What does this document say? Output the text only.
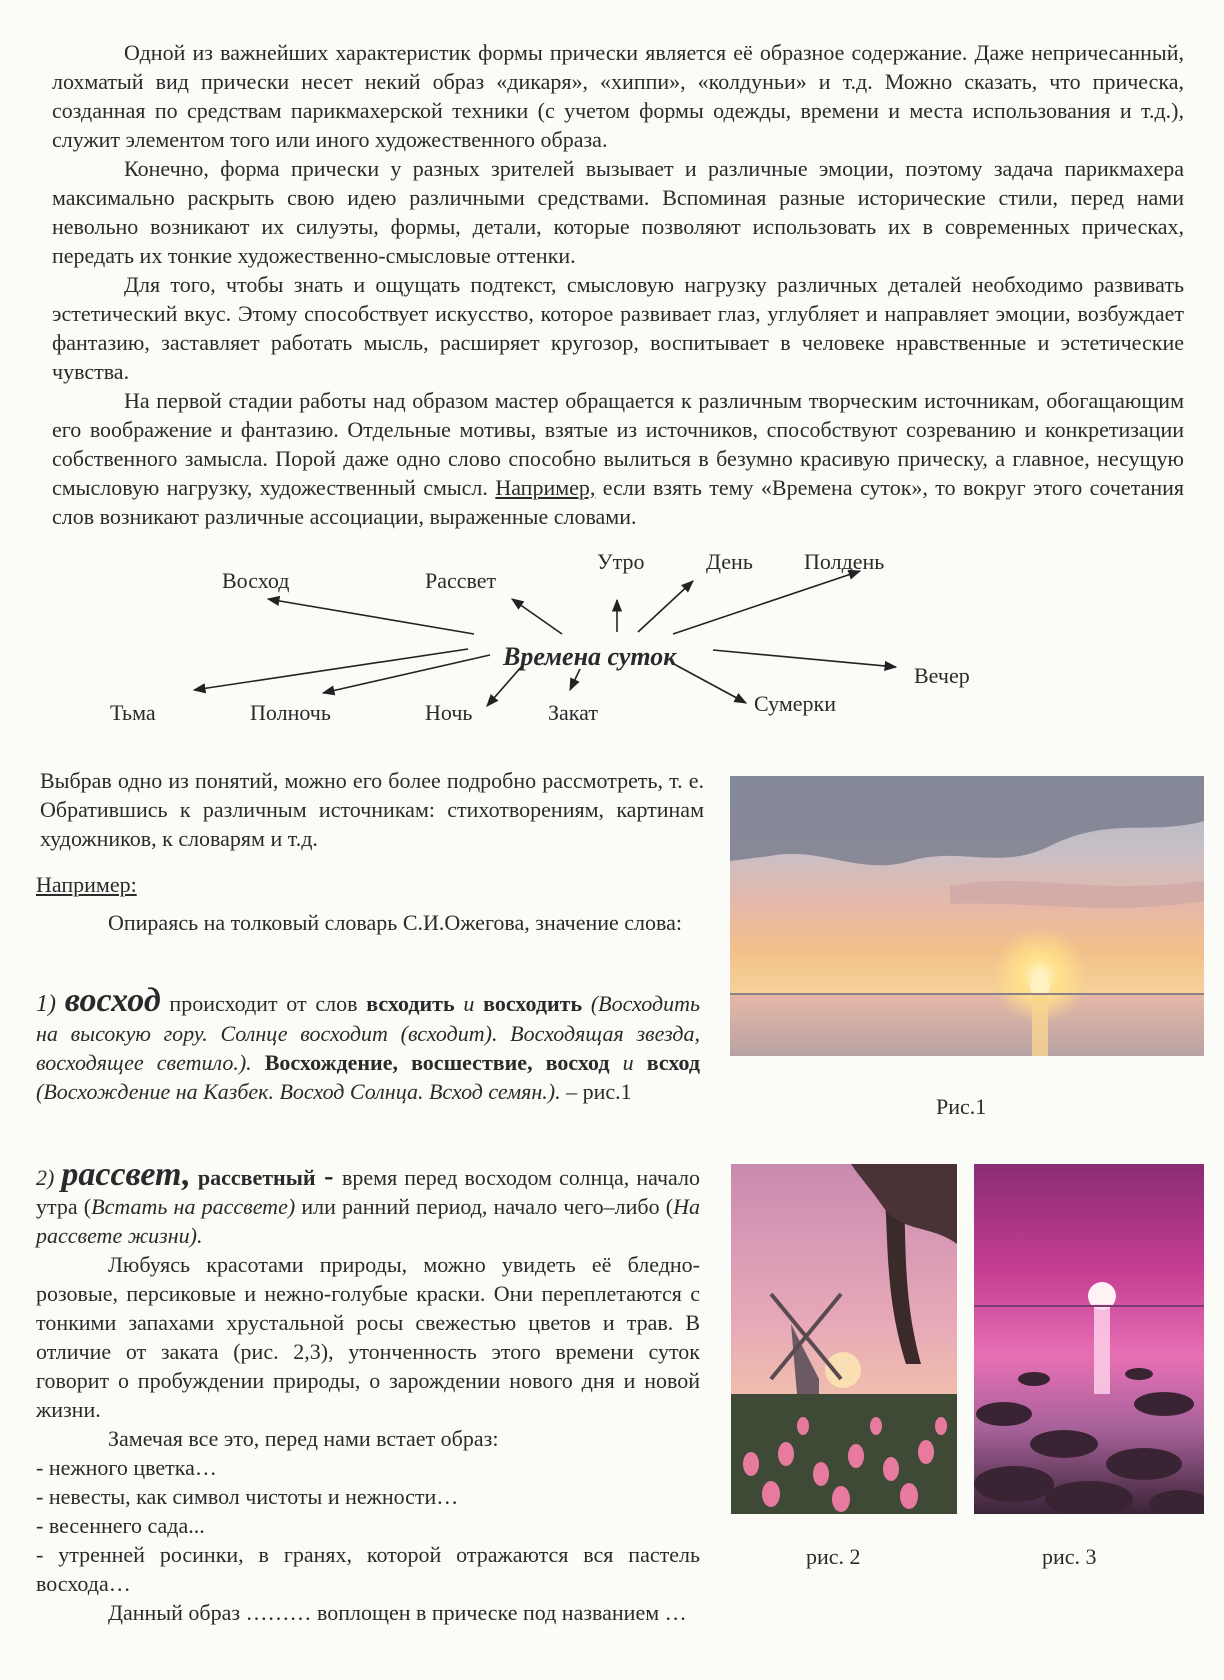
Одной из важнейших характеристик формы прически является её образное содержание. Даже непричесанный, лохматый вид прически несет некий образ «дикаря», «хиппи», «колдуньи» и т.д. Можно сказать, что прическа, созданная по средствам парикмахерской техники (с учетом формы одежды, времени и места использования и т.д.), служит элементом того или иного художественного образа.

Конечно, форма прически у разных зрителей вызывает и различные эмоции, поэтому задача парикмахера максимально раскрыть свою идею различными средствами. Вспоминая разные исторические стили, перед нами невольно возникают их силуэты, формы, детали, которые позволяют использовать их в современных прическах, передать их тонкие художественно-смысловые оттенки.

Для того, чтобы знать и ощущать подтекст, смысловую нагрузку различных деталей необходимо развивать эстетический вкус. Этому способствует искусство, которое развивает глаз, углубляет и направляет эмоции, возбуждает фантазию, заставляет работать мысль, расширяет кругозор, воспитывает в человеке нравственные и эстетические чувства.

На первой стадии работы над образом мастер обращается к различным творческим источникам, обогащающим его воображение и фантазию. Отдельные мотивы, взятые из источников, способствуют созреванию и конкретизации собственного замысла. Порой даже одно слово способно вылиться в безумно красивую прическу, а главное, несущую смысловую нагрузку, художественный смысл. Например, если взять тему «Времена суток», то вокруг этого сочетания слов возникают различные ассоциации, выраженные словами.

Времена суток
Восход	Рассвет
Утро	День Полдень
Вечер
Сумерки
Закат
Ночь
Полночь
Тьма

Выбрав одно из понятий, можно его более подробно рассмотреть, т. е. Обратившись к различным источникам: стихотворениям, картинам художников, к словарям и т.д.

Например:

Опираясь на толковый словарь С.И.Ожегова, значение слова:

1) восход происходит от слов всходить и восходить (Восходить на высокую гору. Солнце восходит (всходит). Восходящая звезда, восходящее светило.). Восхождение, восшествие, восход и всход (Восхождение на Казбек. Восход Солнца. Всход семян.). – рис.1

2) рассвет, рассветный - время перед восходом солнца, начало утра (Встать на рассвете) или ранний период, начало чего–либо (На рассвете жизни).

Любуясь красотами природы, можно увидеть её бледно-розовые, персиковые и нежно-голубые краски. Они переплетаются с тонкими запахами хрустальной росы свежестью цветов и трав. В отличие от заката (рис. 2,3), утонченность этого времени суток говорит о пробуждении природы, о зарождении нового дня и новой жизни.

Замечая все это, перед нами встает образ:

- нежного цветка…
- невесты, как символ чистоты и нежности…
- весеннего сада...
- утренней росинки, в гранях, которой отражаются вся пастель восхода…

Данный образ ……… воплощен в прическе под названием …

Рис.1
рис. 2	рис. 3
